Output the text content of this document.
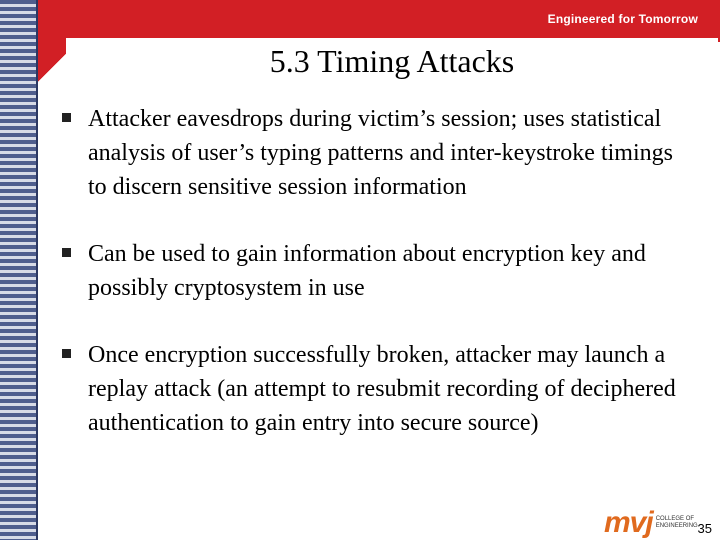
Engineered for Tomorrow
5.3 Timing Attacks
Attacker eavesdrops during victim’s session; uses statistical analysis of user’s typing patterns and inter-keystroke timings to discern sensitive session information
Can be used to gain information about encryption key and possibly cryptosystem in use
Once encryption successfully broken, attacker may launch a replay attack (an attempt to resubmit recording of deciphered authentication to gain entry into secure source)
mvj COLLEGE OF ENGINEERING 35
